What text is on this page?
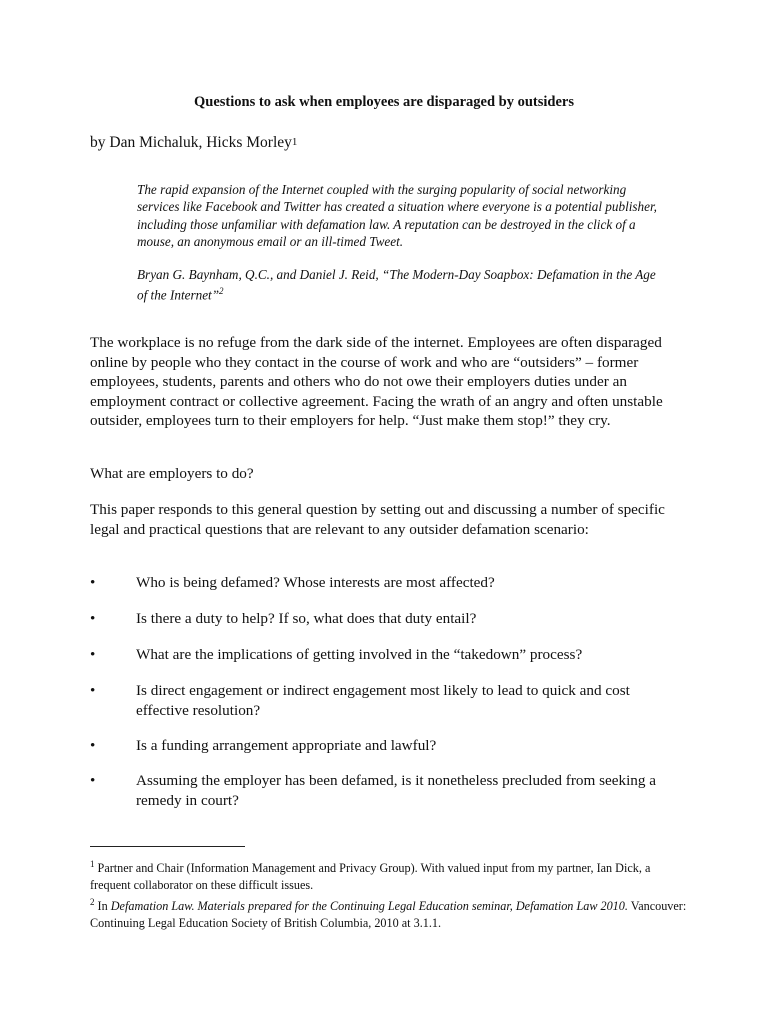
Questions to ask when employees are disparaged by outsiders
by Dan Michaluk, Hicks Morley$^1$

The rapid expansion of the Internet coupled with the surging popularity of social networking services like Facebook and Twitter has created a situation where everyone is a potential publisher, including those unfamiliar with defamation law. A reputation can be destroyed in the click of a mouse, an anonymous email or an ill-timed Tweet.

Bryan G. Baynham, Q.C., and Daniel J. Reid, “The Modern-Day Soapbox: Defamation in the Age of the Internet”$^2$

The workplace is no refuge from the dark side of the internet. Employees are often disparaged online by people who they contact in the course of work and who are “outsiders” – former employees, students, parents and others who do not owe their employers duties under an employment contract or collective agreement. Facing the wrath of an angry and often unstable outsider, employees turn to their employers for help. “Just make them stop!” they cry.

What are employers to do?

This paper responds to this general question by setting out and discussing a number of specific legal and practical questions that are relevant to any outsider defamation scenario:

•	Who is being defamed? Whose interests are most affected?
•	Is there a duty to help? If so, what does that duty entail?
•	What are the implications of getting involved in the “takedown” process?
•	Is direct engagement or indirect engagement most likely to lead to quick and cost effective resolution?
•	Is a funding arrangement appropriate and lawful?
•	Assuming the employer has been defamed, is it nonetheless precluded from seeking a remedy in court?

$^1$ Partner and Chair (Information Management and Privacy Group). With valued input from my partner, Ian Dick, a frequent collaborator on these difficult issues.

$^2$ In Defamation Law. Materials prepared for the Continuing Legal Education seminar, Defamation Law 2010. Vancouver: Continuing Legal Education Society of British Columbia, 2010 at 3.1.1.
